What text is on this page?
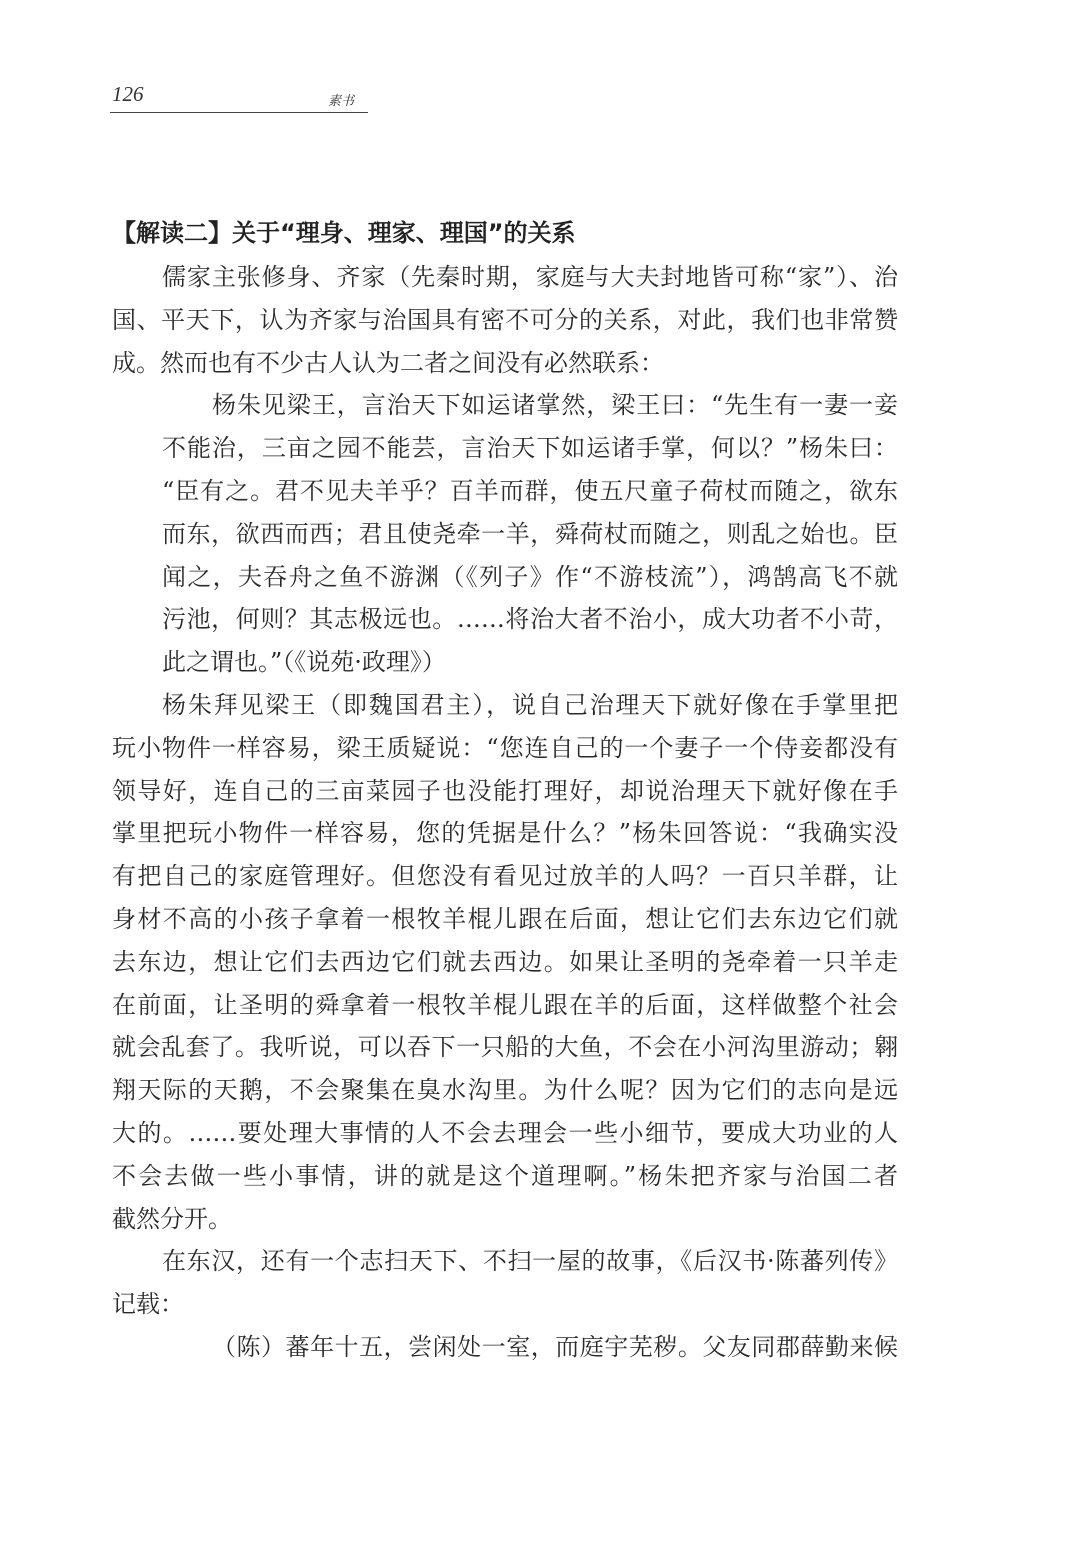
126	素书
【解读二】关于“理身、理家、理国”的关系
儒家主张修身、齐家（先秦时期，家庭与大夫封地皆可称“家”）、治
国、平天下，认为齐家与治国具有密不可分的关系，对此，我们也非常赞
成。然而也有不少古人认为二者之间没有必然联系：
杨朱见梁王，言治天下如运诸掌然，梁王曰：“先生有一妻一妾
不能治，三亩之园不能芸，言治天下如运诸手掌，何以？”杨朱曰：
“臣有之。君不见夫羊乎？百羊而群，使五尺童子荷杖而随之，欲东
而东，欲西而西；君且使尧牵一羊，舜荷杖而随之，则乱之始也。臣
闻之，夫吞舟之鱼不游渊（《列子》作“不游枝流”），鸿鹄高飞不就
污池，何则？其志极远也。……将治大者不治小，成大功者不小苛，
此之谓也。”（《说苑·政理》）
杨朱拜见梁王（即魏国君主），说自己治理天下就好像在手掌里把
玩小物件一样容易，梁王质疑说：“您连自己的一个妻子一个侍妾都没有
领导好，连自己的三亩菜园子也没能打理好，却说治理天下就好像在手
掌里把玩小物件一样容易，您的凭据是什么？”杨朱回答说：“我确实没
有把自己的家庭管理好。但您没有看见过放羊的人吗？一百只羊群，让
身材不高的小孩子拿着一根牧羊棍儿跟在后面，想让它们去东边它们就
去东边，想让它们去西边它们就去西边。如果让圣明的尧牵着一只羊走
在前面，让圣明的舜拿着一根牧羊棍儿跟在羊的后面，这样做整个社会
就会乱套了。我听说，可以吞下一只船的大鱼，不会在小河沟里游动；翱
翔天际的天鹅，不会聚集在臭水沟里。为什么呢？因为它们的志向是远
大的。……要处理大事情的人不会去理会一些小细节，要成大功业的人
不会去做一些小事情，讲的就是这个道理啊。”杨朱把齐家与治国二者
截然分开。
在东汉，还有一个志扫天下、不扫一屋的故事，《后汉书·陈蕃列传》
记载：
（陈）蕃年十五，尝闲处一室，而庭宇芜秽。父友同郡薛勤来候
